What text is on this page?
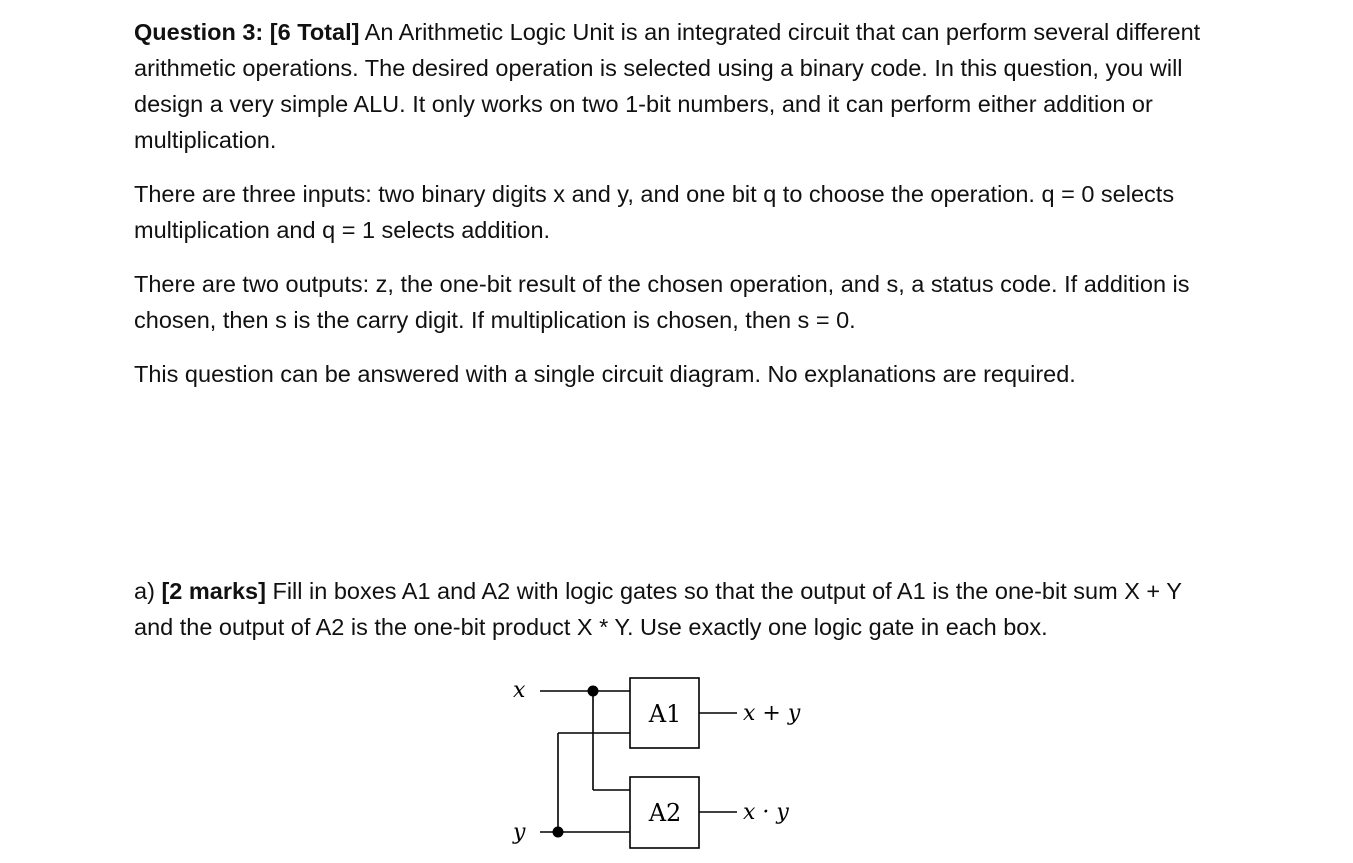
Question 3: [6 Total] An Arithmetic Logic Unit is an integrated circuit that can perform several different arithmetic operations. The desired operation is selected using a binary code. In this question, you will design a very simple ALU. It only works on two 1-bit numbers, and it can perform either addition or multiplication.

There are three inputs: two binary digits x and y, and one bit q to choose the operation. q = 0 selects multiplication and q = 1 selects addition.

There are two outputs: z, the one-bit result of the chosen operation, and s, a status code. If addition is chosen, then s is the carry digit. If multiplication is chosen, then s = 0.

This question can be answered with a single circuit diagram. No explanations are required.

a) [2 marks] Fill in boxes A1 and A2 with logic gates so that the output of A1 is the one-bit sum X + Y and the output of A2 is the one-bit product X * Y. Use exactly one logic gate in each box.

x
y
A1
A2
x + y
x · y
